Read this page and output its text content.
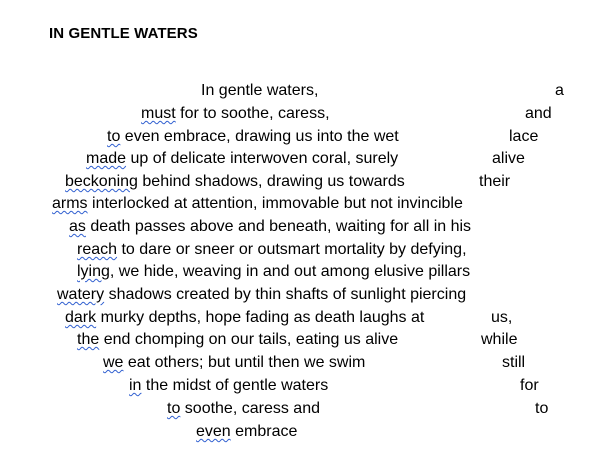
IN GENTLE WATERS
In gentle waters,	a
must for to soothe, caress,	and
to even embrace, drawing us into the wet	lace
made up of delicate interwoven coral, surely	alive
beckoning behind shadows, drawing us towards	their
arms interlocked at attention, immovable but not invincible
as death passes above and beneath, waiting for all in his
reach to dare or sneer or outsmart mortality by defying,
lying, we hide, weaving in and out among elusive pillars
watery shadows created by thin shafts of sunlight piercing
dark murky depths, hope fading as death laughs at	us,
the end chomping on our tails, eating us alive	while
we eat others; but until then we swim	still
in the midst of gentle waters	for
to soothe, caress and	to
even embrace
